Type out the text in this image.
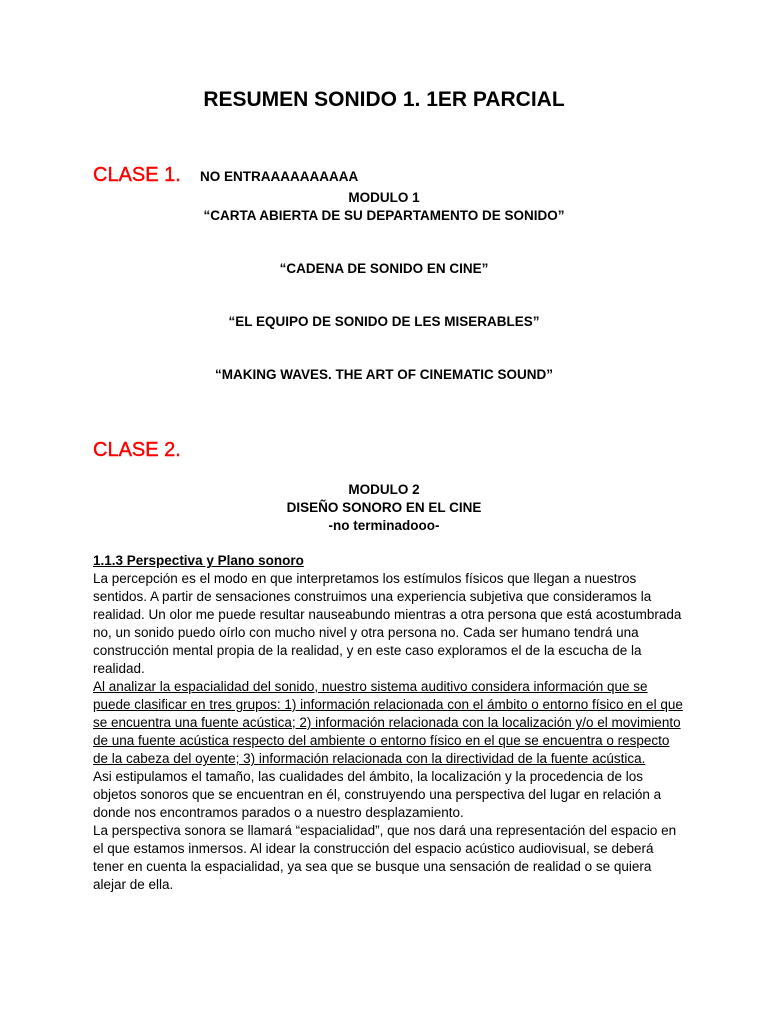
RESUMEN SONIDO 1. 1ER PARCIAL
CLASE 1. NO ENTRAAAAAAAAAA
MODULO 1
“CARTA ABIERTA DE SU DEPARTAMENTO DE SONIDO”
“CADENA DE SONIDO EN CINE”
“EL EQUIPO DE SONIDO DE LES MISERABLES”
“MAKING WAVES. THE ART OF CINEMATIC SOUND”
CLASE 2.
MODULO 2
DISEÑO SONORO EN EL CINE
-no terminadooo-
1.1.3 Perspectiva y Plano sonoro

La percepción es el modo en que interpretamos los estímulos físicos que llegan a nuestros sentidos. A partir de sensaciones construimos una experiencia subjetiva que consideramos la realidad. Un olor me puede resultar nauseabundo mientras a otra persona que está acostumbrada no, un sonido puedo oírlo con mucho nivel y otra persona no. Cada ser humano tendrá una construcción mental propia de la realidad, y en este caso exploramos el de la escucha de la realidad.

Al analizar la espacialidad del sonido, nuestro sistema auditivo considera información que se puede clasificar en tres grupos: 1) información relacionada con el ámbito o entorno físico en el que se encuentra una fuente acústica; 2) información relacionada con la localización y/o el movimiento de una fuente acústica respecto del ambiente o entorno físico en el que se encuentra o respecto de la cabeza del oyente; 3) información relacionada con la directividad de la fuente acústica.

Asi estipulamos el tamaño, las cualidades del ámbito, la localización y la procedencia de los objetos sonoros que se encuentran en él, construyendo una perspectiva del lugar en relación a donde nos encontramos parados o a nuestro desplazamiento.

La perspectiva sonora se llamará “espacialidad”, que nos dará una representación del espacio en el que estamos inmersos. Al idear la construcción del espacio acústico audiovisual, se deberá tener en cuenta la espacialidad, ya sea que se busque una sensación de realidad o se quiera alejar de ella.
